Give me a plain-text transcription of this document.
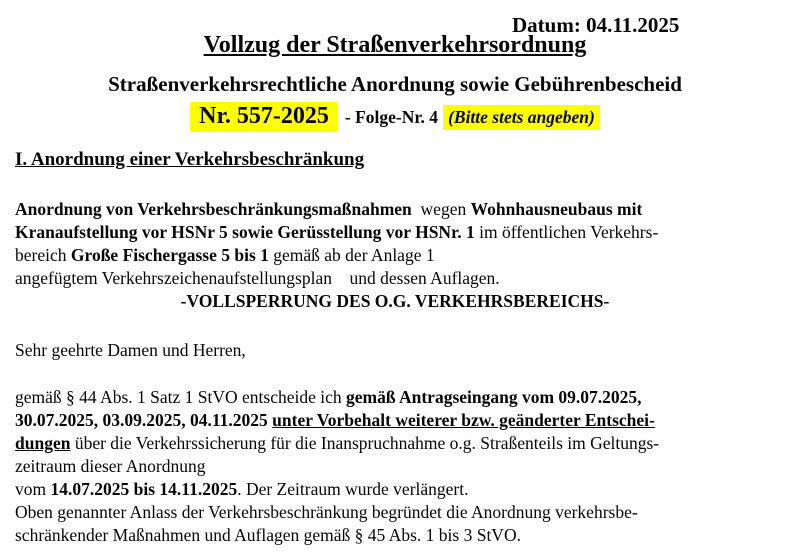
Datum: 04.11.2025
Vollzug der Straßenverkehrsordnung
Straßenverkehrsrechtliche Anordnung sowie Gebührenbescheid
Nr. 557-2025 - Folge-Nr. 4 (Bitte stets angeben)
I. Anordnung einer Verkehrsbeschränkung
Anordnung von Verkehrsbeschränkungsmaßnahmen  wegen Wohnhausneubaus mit
Kranaufstellung vor HSNr 5 sowie Gerüsstellung vor HSNr. 1 im öffentlichen Verkehrs-
bereich Große Fischergasse 5 bis 1 gemäß ab der Anlage 1
angefügtem Verkehrszeichenaufstellungsplan    und dessen Auflagen.
-VOLLSPERRUNG DES O.G. VERKEHRSBEREICHS-
Sehr geehrte Damen und Herren,
gemäß § 44 Abs. 1 Satz 1 StVO entscheide ich gemäß Antragseingang vom 09.07.2025,
30.07.2025, 03.09.2025, 04.11.2025 unter Vorbehalt weiterer bzw. geänderter Entschei-
dungen über die Verkehrssicherung für die Inanspruchnahme o.g. Straßenteils im Geltungs-
zeitraum dieser Anordnung
vom 14.07.2025 bis 14.11.2025. Der Zeitraum wurde verlängert.
Oben genannter Anlass der Verkehrsbeschränkung begründet die Anordnung verkehrsbe-
schränkender Maßnahmen und Auflagen gemäß § 45 Abs. 1 bis 3 StVO.
